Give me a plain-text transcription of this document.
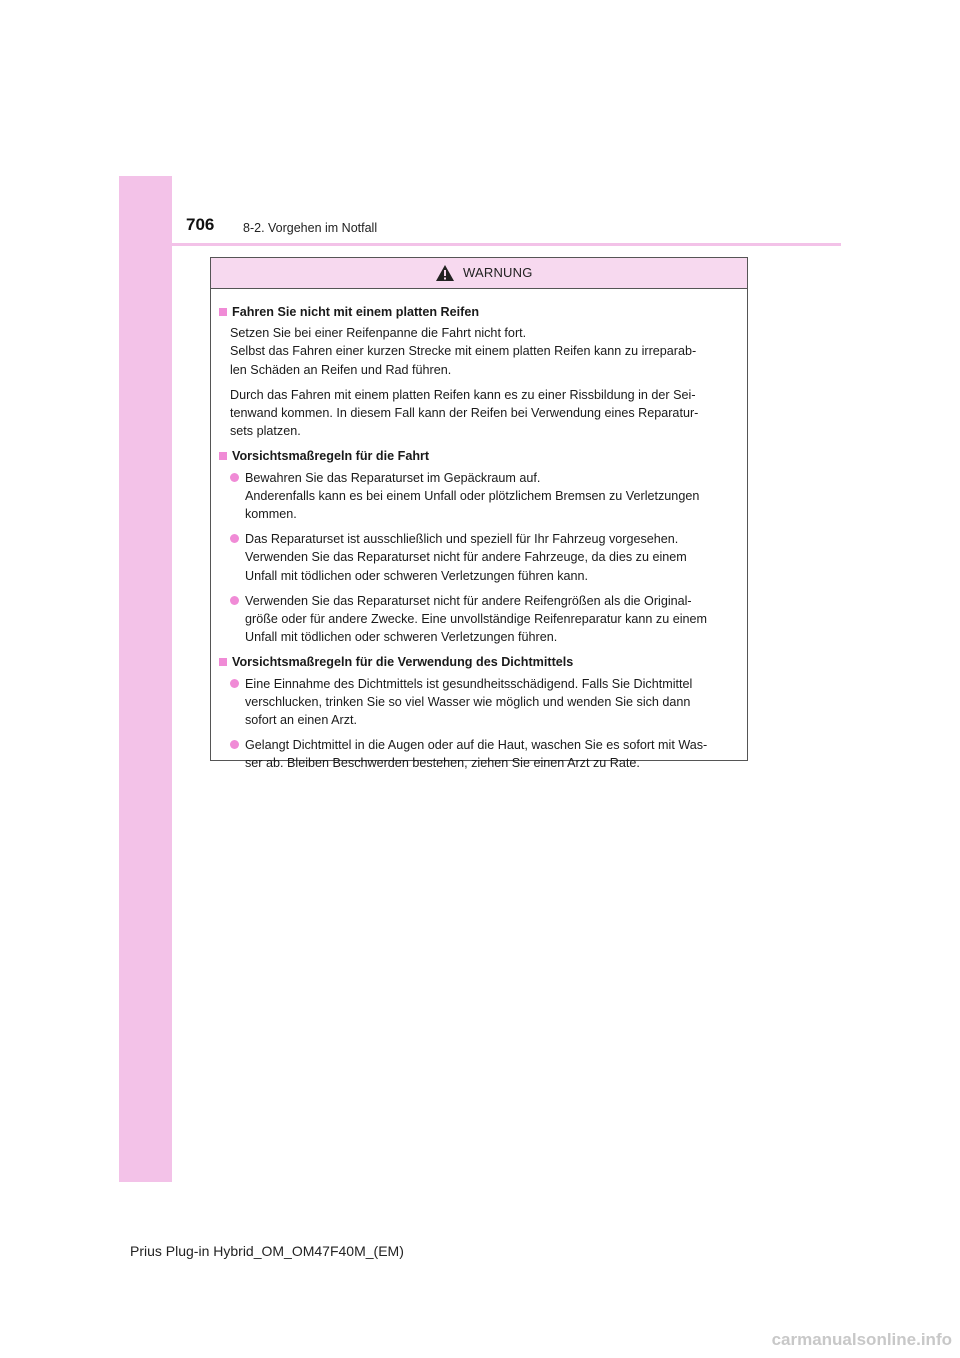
706 8-2. Vorgehen im Notfall
WARNUNG
Fahren Sie nicht mit einem platten Reifen
Setzen Sie bei einer Reifenpanne die Fahrt nicht fort.
Selbst das Fahren einer kurzen Strecke mit einem platten Reifen kann zu irreparab-
len Schäden an Reifen und Rad führen.
Durch das Fahren mit einem platten Reifen kann es zu einer Rissbildung in der Sei-
tenwand kommen. In diesem Fall kann der Reifen bei Verwendung eines Reparatur-
sets platzen.
Vorsichtsmaßregeln für die Fahrt
Bewahren Sie das Reparaturset im Gepäckraum auf.
Anderenfalls kann es bei einem Unfall oder plötzlichem Bremsen zu Verletzungen
kommen.
Das Reparaturset ist ausschließlich und speziell für Ihr Fahrzeug vorgesehen.
Verwenden Sie das Reparaturset nicht für andere Fahrzeuge, da dies zu einem
Unfall mit tödlichen oder schweren Verletzungen führen kann.
Verwenden Sie das Reparaturset nicht für andere Reifengrößen als die Original-
größe oder für andere Zwecke. Eine unvollständige Reifenreparatur kann zu einem
Unfall mit tödlichen oder schweren Verletzungen führen.
Vorsichtsmaßregeln für die Verwendung des Dichtmittels
Eine Einnahme des Dichtmittels ist gesundheitsschädigend. Falls Sie Dichtmittel
verschlucken, trinken Sie so viel Wasser wie möglich und wenden Sie sich dann
sofort an einen Arzt.
Gelangt Dichtmittel in die Augen oder auf die Haut, waschen Sie es sofort mit Was-
ser ab. Bleiben Beschwerden bestehen, ziehen Sie einen Arzt zu Rate.
Prius Plug-in Hybrid_OM_OM47F40M_(EM)
carmanualsonline.info
